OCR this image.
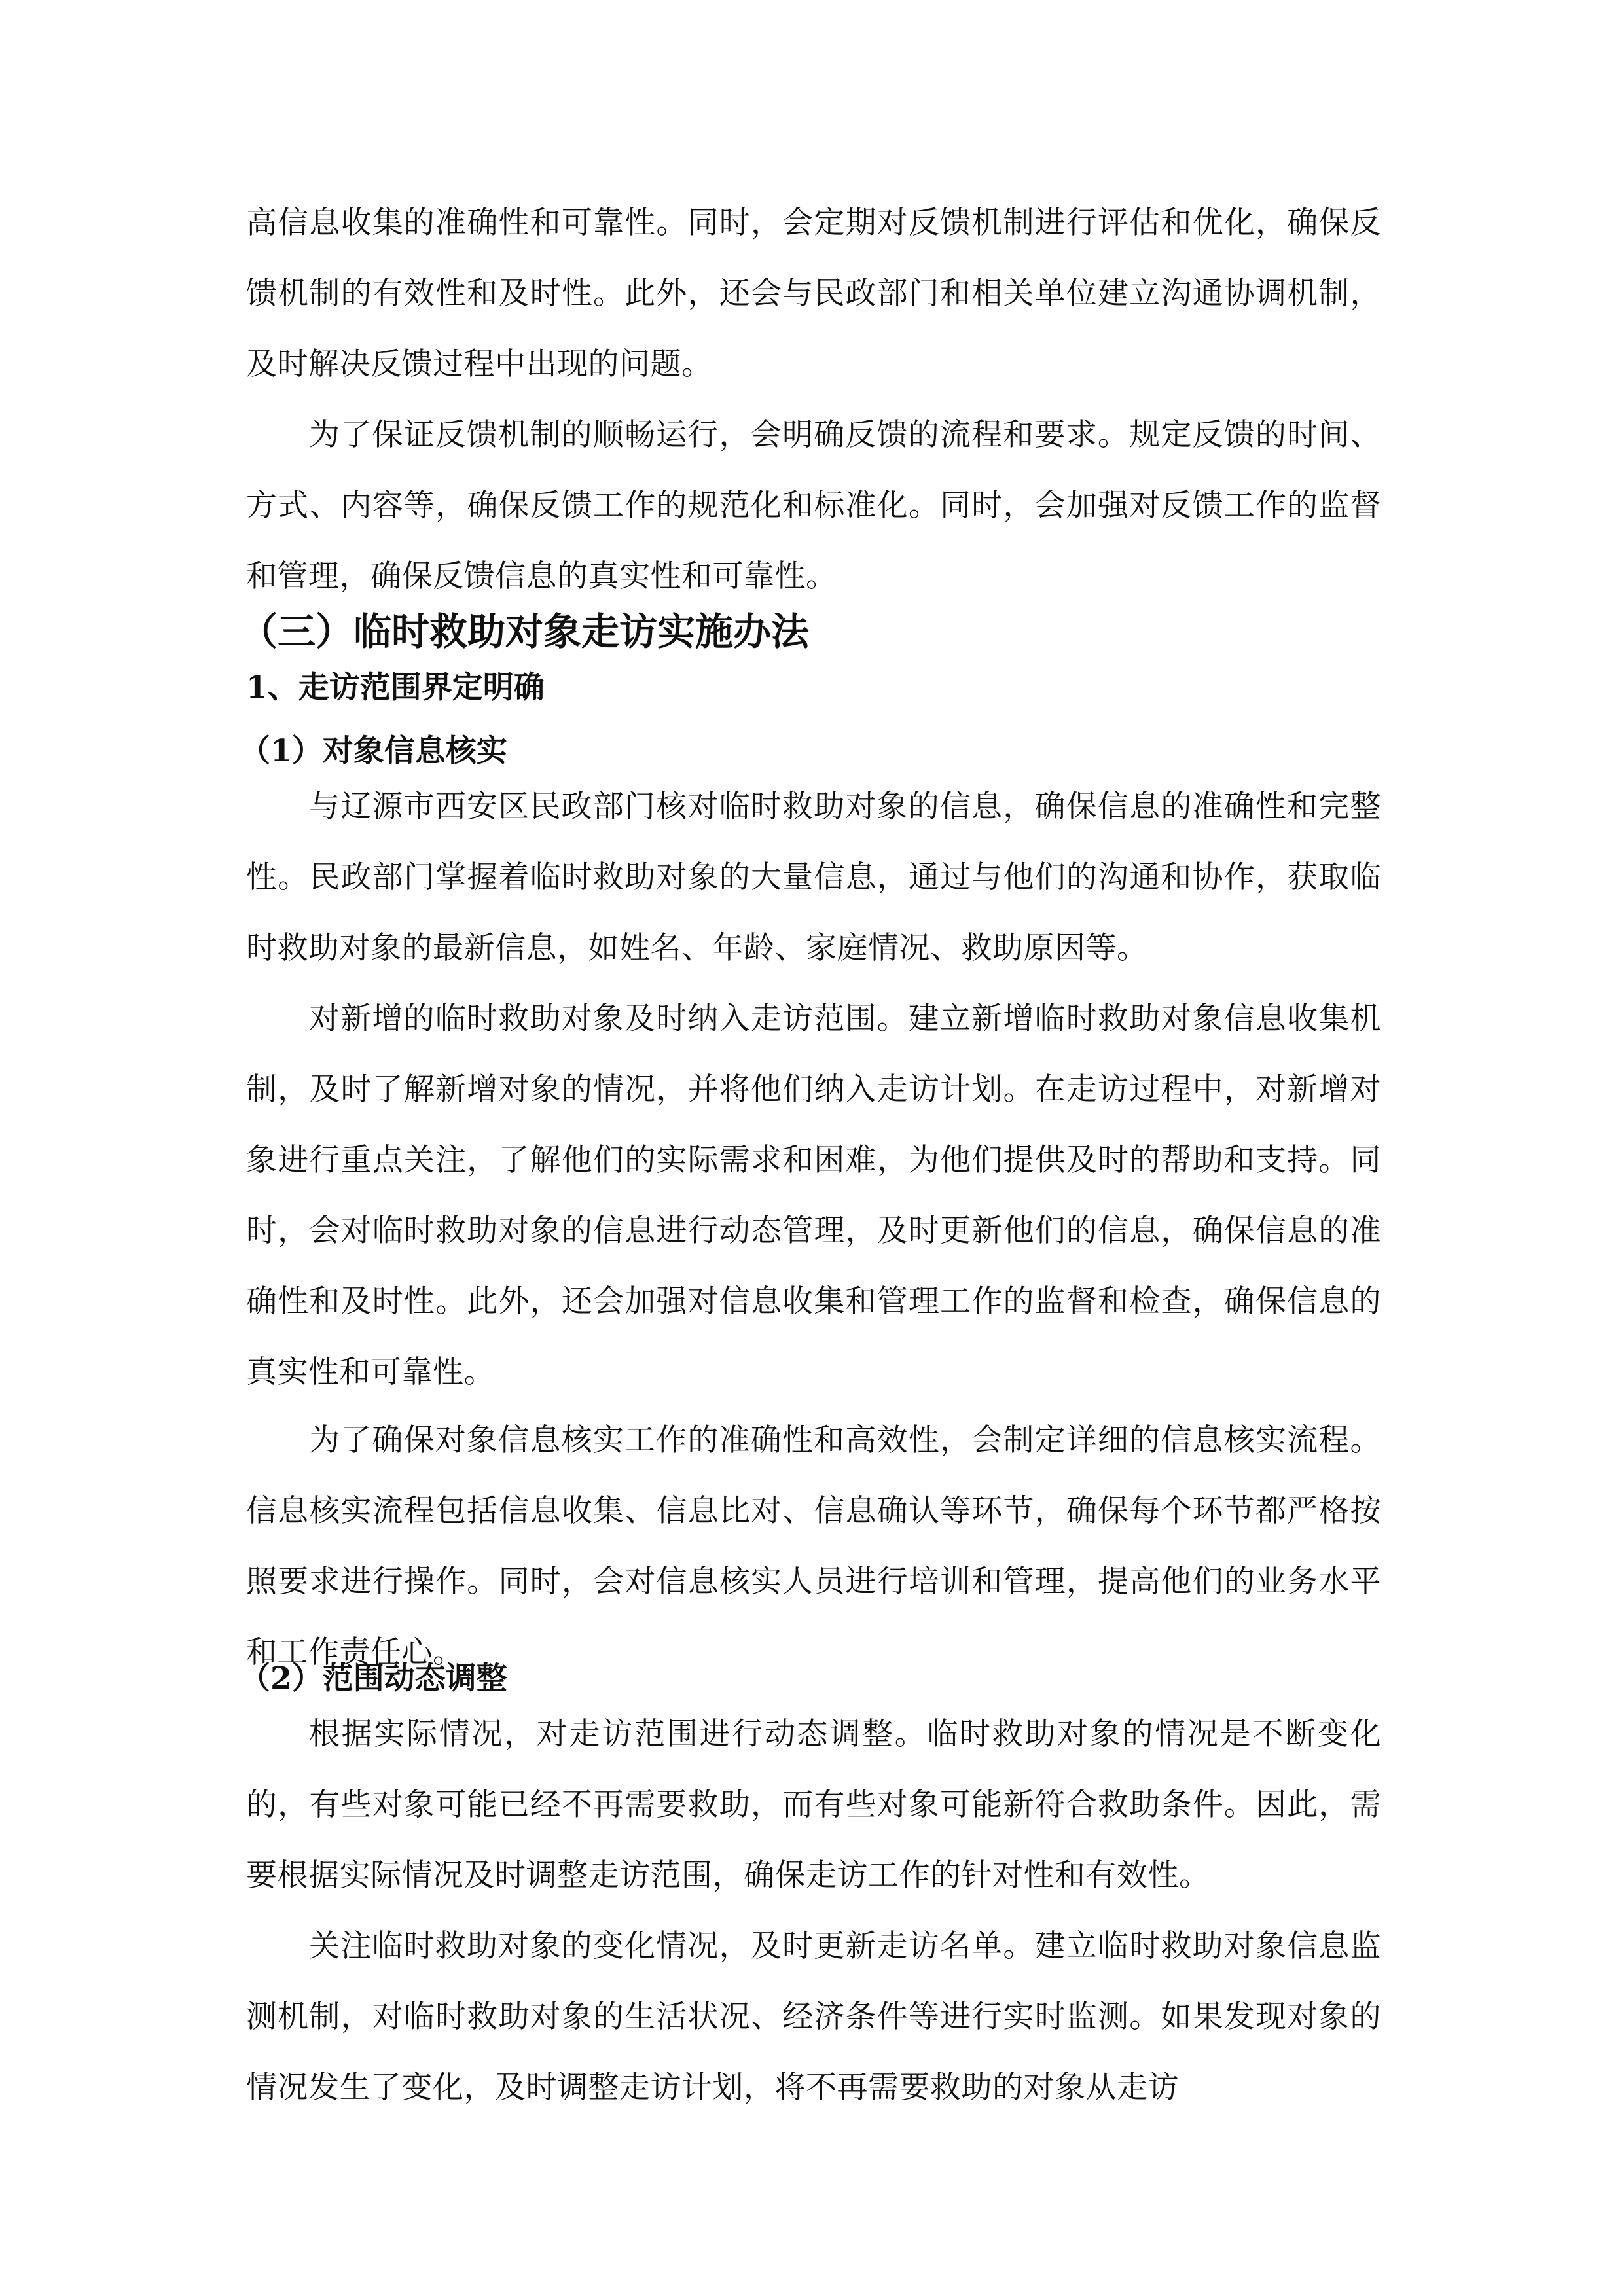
高信息收集的准确性和可靠性。同时，会定期对反馈机制进行评估和优化，确保反馈机制的有效性和及时性。此外，还会与民政部门和相关单位建立沟通协调机制，及时解决反馈过程中出现的问题。

为了保证反馈机制的顺畅运行，会明确反馈的流程和要求。规定反馈的时间、方式、内容等，确保反馈工作的规范化和标准化。同时，会加强对反馈工作的监督和管理，确保反馈信息的真实性和可靠性。

（三）临时救助对象走访实施办法
1、走访范围界定明确
（1）对象信息核实

与辽源市西安区民政部门核对临时救助对象的信息，确保信息的准确性和完整性。民政部门掌握着临时救助对象的大量信息，通过与他们的沟通和协作，获取临时救助对象的最新信息，如姓名、年龄、家庭情况、救助原因等。

对新增的临时救助对象及时纳入走访范围。建立新增临时救助对象信息收集机制，及时了解新增对象的情况，并将他们纳入走访计划。在走访过程中，对新增对象进行重点关注，了解他们的实际需求和困难，为他们提供及时的帮助和支持。同时，会对临时救助对象的信息进行动态管理，及时更新他们的信息，确保信息的准确性和及时性。此外，还会加强对信息收集和管理工作的监督和检查，确保信息的真实性和可靠性。

为了确保对象信息核实工作的准确性和高效性，会制定详细的信息核实流程。信息核实流程包括信息收集、信息比对、信息确认等环节，确保每个环节都严格按照要求进行操作。同时，会对信息核实人员进行培训和管理，提高他们的业务水平和工作责任心。

（2）范围动态调整

根据实际情况，对走访范围进行动态调整。临时救助对象的情况是不断变化的，有些对象可能已经不再需要救助，而有些对象可能新符合救助条件。因此，需要根据实际情况及时调整走访范围，确保走访工作的针对性和有效性。

关注临时救助对象的变化情况，及时更新走访名单。建立临时救助对象信息监测机制，对临时救助对象的生活状况、经济条件等进行实时监测。如果发现对象的情况发生了变化，及时调整走访计划，将不再需要救助的对象从走访
